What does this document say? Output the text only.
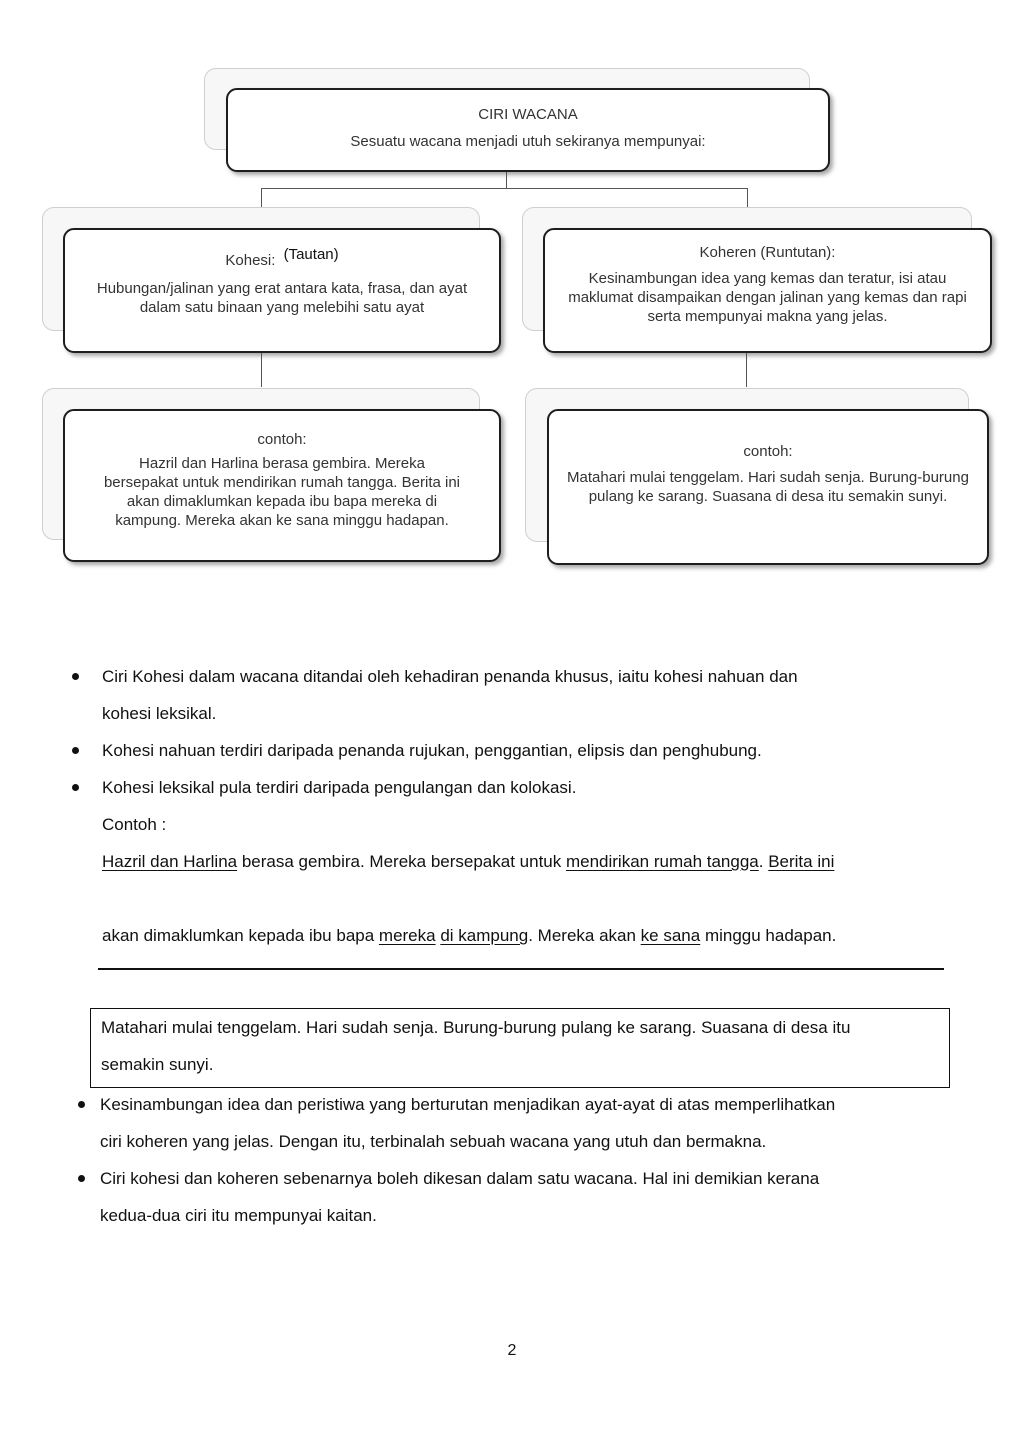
CIRI WACANA
Sesuatu wacana menjadi utuh sekiranya mempunyai:
Kohesi: (Tautan)
Hubungan/jalinan yang erat antara kata, frasa, dan ayat dalam satu binaan yang melebihi satu ayat
Koheren (Runtutan):
Kesinambungan idea yang kemas dan teratur, isi atau maklumat disampaikan dengan jalinan yang kemas dan rapi serta mempunyai makna yang jelas.
contoh:
Hazril dan Harlina berasa gembira. Mereka bersepakat untuk mendirikan rumah tangga. Berita ini akan dimaklumkan kepada ibu bapa mereka di kampung. Mereka akan ke sana minggu hadapan.
contoh:
Matahari mulai tenggelam. Hari sudah senja. Burung-burung pulang ke sarang. Suasana di desa itu semakin sunyi.
Ciri Kohesi dalam wacana ditandai oleh kehadiran penanda khusus, iaitu kohesi nahuan dan
kohesi leksikal.
Kohesi nahuan terdiri daripada penanda rujukan, penggantian, elipsis dan penghubung.
Kohesi leksikal pula terdiri daripada pengulangan dan kolokasi.
Contoh :
Hazril dan Harlina berasa gembira. Mereka bersepakat untuk mendirikan rumah tangga. Berita ini
akan dimaklumkan kepada ibu bapa mereka di kampung. Mereka akan ke sana minggu hadapan.
Matahari mulai tenggelam. Hari sudah senja. Burung-burung pulang ke sarang. Suasana di desa itu
semakin sunyi.
Kesinambungan idea dan peristiwa yang berturutan menjadikan ayat-ayat di atas memperlihatkan
ciri koheren yang jelas. Dengan itu, terbinalah sebuah wacana yang utuh dan bermakna.
Ciri kohesi dan koheren sebenarnya boleh dikesan dalam satu wacana. Hal ini demikian kerana
kedua-dua ciri itu mempunyai kaitan.
2
